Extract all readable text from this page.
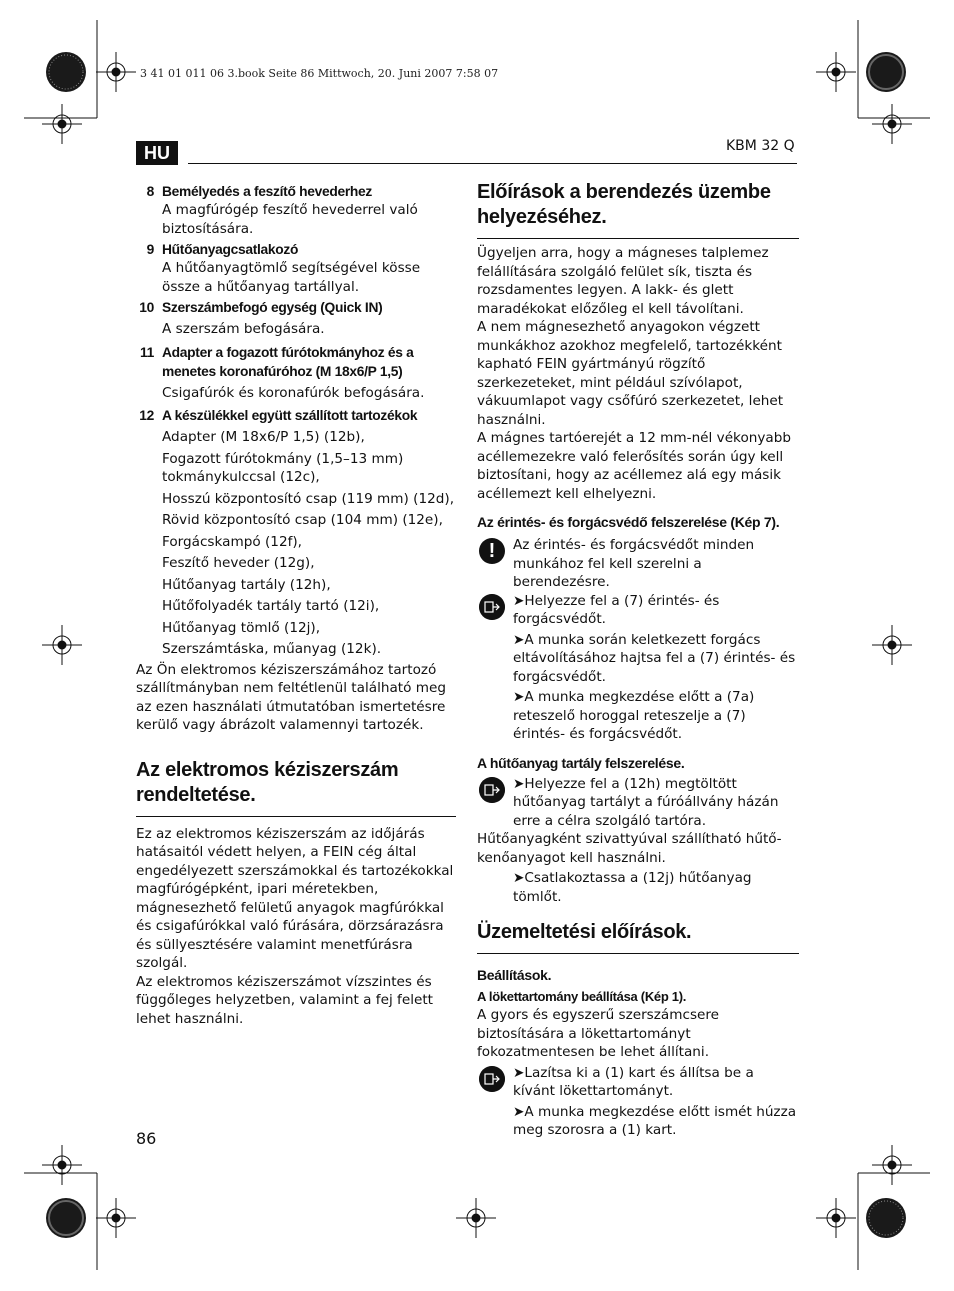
3 41 01 011 06 3.book Seite 86 Mittwoch, 20. Juni 2007 7:58 07
HU	KBM 32 Q
8 Bemélyedés a feszítő hevederhez

A magfúrógép feszítő hevederrel való biztosítására.

9 Hűtőanyagcsatlakozó

A hűtőanyagtömlő segítségével kösse össze a hűtőanyag tartállyal.

10 Szerszámbefogó egység (Quick IN)

A szerszám befogására.

11 Adapter a fogazott fúrótokmányhoz és a menetes koronafúróhoz (M 18x6/P 1,5)

Csigafúrók és koronafúrók befogására.

12 A készülékkel együtt szállított tartozékok

Adapter (M 18x6/P 1,5) (12b),

Fogazott fúrótokmány (1,5–13 mm) tokmánykulccsal (12c),

Hosszú központosító csap (119 mm) (12d),

Rövid központosító csap (104 mm) (12e),

Forgácskampó (12f),

Feszítő heveder (12g),

Hűtőanyag tartály (12h),

Hűtőfolyadék tartály tartó (12i),

Hűtőanyag tömlő (12j),

Szerszámtáska, műanyag (12k).

Az Ön elektromos kéziszerszámához tartozó szállítmányban nem feltétlenül található meg az ezen használati útmutatóban ismertetésre kerülő vagy ábrázolt valamennyi tartozék.

Az elektromos kéziszerszám rendeltetése.

Ez az elektromos kéziszerszám az időjárás hatásaitól védett helyen, a FEIN cég által engedélyezett szerszámokkal és tartozékokkal magfúrógépként, ipari méretekben, mágnesezhető felületű anyagok magfúrókkal és csigafúrókkal való fúrására, dörzsárazásra és süllyesztésére valamint menetfúrásra szolgál.

Az elektromos kéziszerszámot vízszintes és függőleges helyzetben, valamint a fej felett lehet használni.

Előírások a berendezés üzembe helyezéséhez.

Ügyeljen arra, hogy a mágneses talplemez felállítására szolgáló felület sík, tiszta és rozsdamentes legyen. A lakk- és glett maradékokat előzőleg el kell távolítani.

A nem mágnesezhető anyagokon végzett munkákhoz azokhoz megfelelő, tartozékként kapható FEIN gyártmányú rögzítő szerkezeteket, mint például szívólapot, vákuumlapot vagy csőfúró szerkezetet, lehet használni.

A mágnes tartóerejét a 12 mm-nél vékonyabb acéllemezekre való felerősítés során úgy kell biztosítani, hogy az acéllemez alá egy másik acéllemezt kell elhelyezni.

Az érintés- és forgácsvédő felszerelése (Kép 7).
!	Az érintés- és forgácsvédőt minden munkához fel kell szerelni a berendezésre.

➤Helyezze fel a (7) érintés- és forgácsvédőt.

➤A munka során keletkezett forgács eltávolításához hajtsa fel a (7) érintés- és forgácsvédőt.

➤A munka megkezdése előtt a (7a) reteszelő horoggal reteszelje a (7) érintés- és forgácsvédőt.

A hűtőanyag tartály felszerelése.

➤Helyezze fel a (12h) megtöltött hűtőanyag tartályt a fúróállvány házán erre a célra szolgáló tartóra.

Hűtőanyagként szivattyúval szállítható hűtő-kenőanyagot kell használni.

➤Csatlakoztassa a (12j) hűtőanyag tömlőt.

Üzemeltetési előírások.
Beállítások.
A lökettartomány beállítása (Kép 1).

A gyors és egyszerű szerszámcsere biztosítására a lökettartományt fokozatmentesen be lehet állítani.

➤Lazítsa ki a (1) kart és állítsa be a kívánt lökettartományt.

➤A munka megkezdése előtt ismét húzza meg szorosra a (1) kart.

86
